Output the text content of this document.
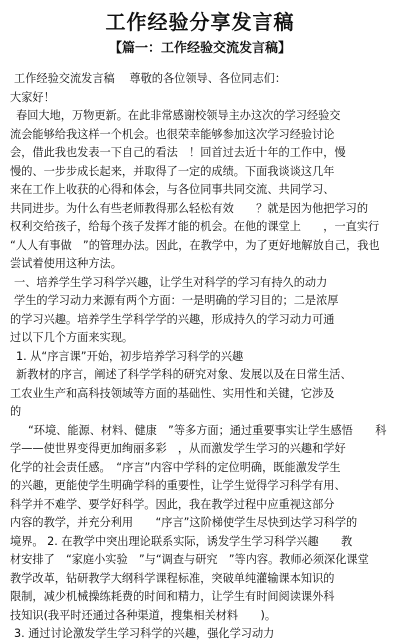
工作经验分享发言稿
【篇一：工作经验交流发言稿】
工作经验交流发言稿　 尊敬的各位领导、各位同志们：
大家好！
春回大地，万物更新。在此非常感谢校领导主办这次的学习经验交
流会能够给我这样一个机会。也很荣幸能够参加这次学习经验讨论
会，借此我也发表一下自己的看法　！回首过去近十年的工作中，慢
慢的、一步步成长起来，并取得了一定的成绩。下面我谈谈这几年
来在工作上收获的心得和体会，与各位同事共同交流、共同学习、
共同进步。为什么有些老师教得那么轻松有效　　？就是因为他把学习的
权利交给孩子，给每个孩子发挥才能的机会。在他的课堂上　　，一直实行
“人人有事做　”的管理办法。因此，在教学中，为了更好地解放自己，我也
尝试着使用这种方法。
一、培养学生学习科学兴趣，让学生对科学的学习有持久的动力
学生的学习动力来源有两个方面：一是明确的学习目的；二是浓厚
的学习兴趣。培养学生学科学学的兴趣，形成持久的学习动力可通
过以下几个方面来实现。
1. 从“序言课”开始，初步培养学习科学的兴趣
新教材的序言，阐述了科学学科的研究对象、发展以及在日常生活、
工农业生产和高科技领域等方面的基础性、实用性和关键，它涉及
的
“环境、能源、材料、健康　”等多方面；通过重要事实让学生感悟　　科
学——使世界变得更加绚丽多彩　，从而激发学生学习的兴趣和学好
化学的社会责任感。　“序言”内容中学科的定位明确，既能激发学生
的兴趣，更能使学生明确学科的重要性，让学生觉得学习科学有用、
科学并不难学、要学好科学。因此，我在教学过程中应重视这部分
内容的教学，并充分利用　　“序言”这阶梯使学生尽快到达学习科学的
境界。 2. 在教学中突出理论联系实际，诱发学生学习科学兴趣　　教
材安排了　“家庭小实验　”与“调查与研究　”等内容。教师必须深化课堂
教学改革，钻研教学大纲科学课程标准，突破单纯灌输课本知识的
限制，减少机械操练耗费的时间和精力，让学生有时间阅读课外科
技知识(我平时还通过各种渠道，搜集相关材料　　)。
3. 通过讨论激发学生学习科学的兴趣，强化学习动力
